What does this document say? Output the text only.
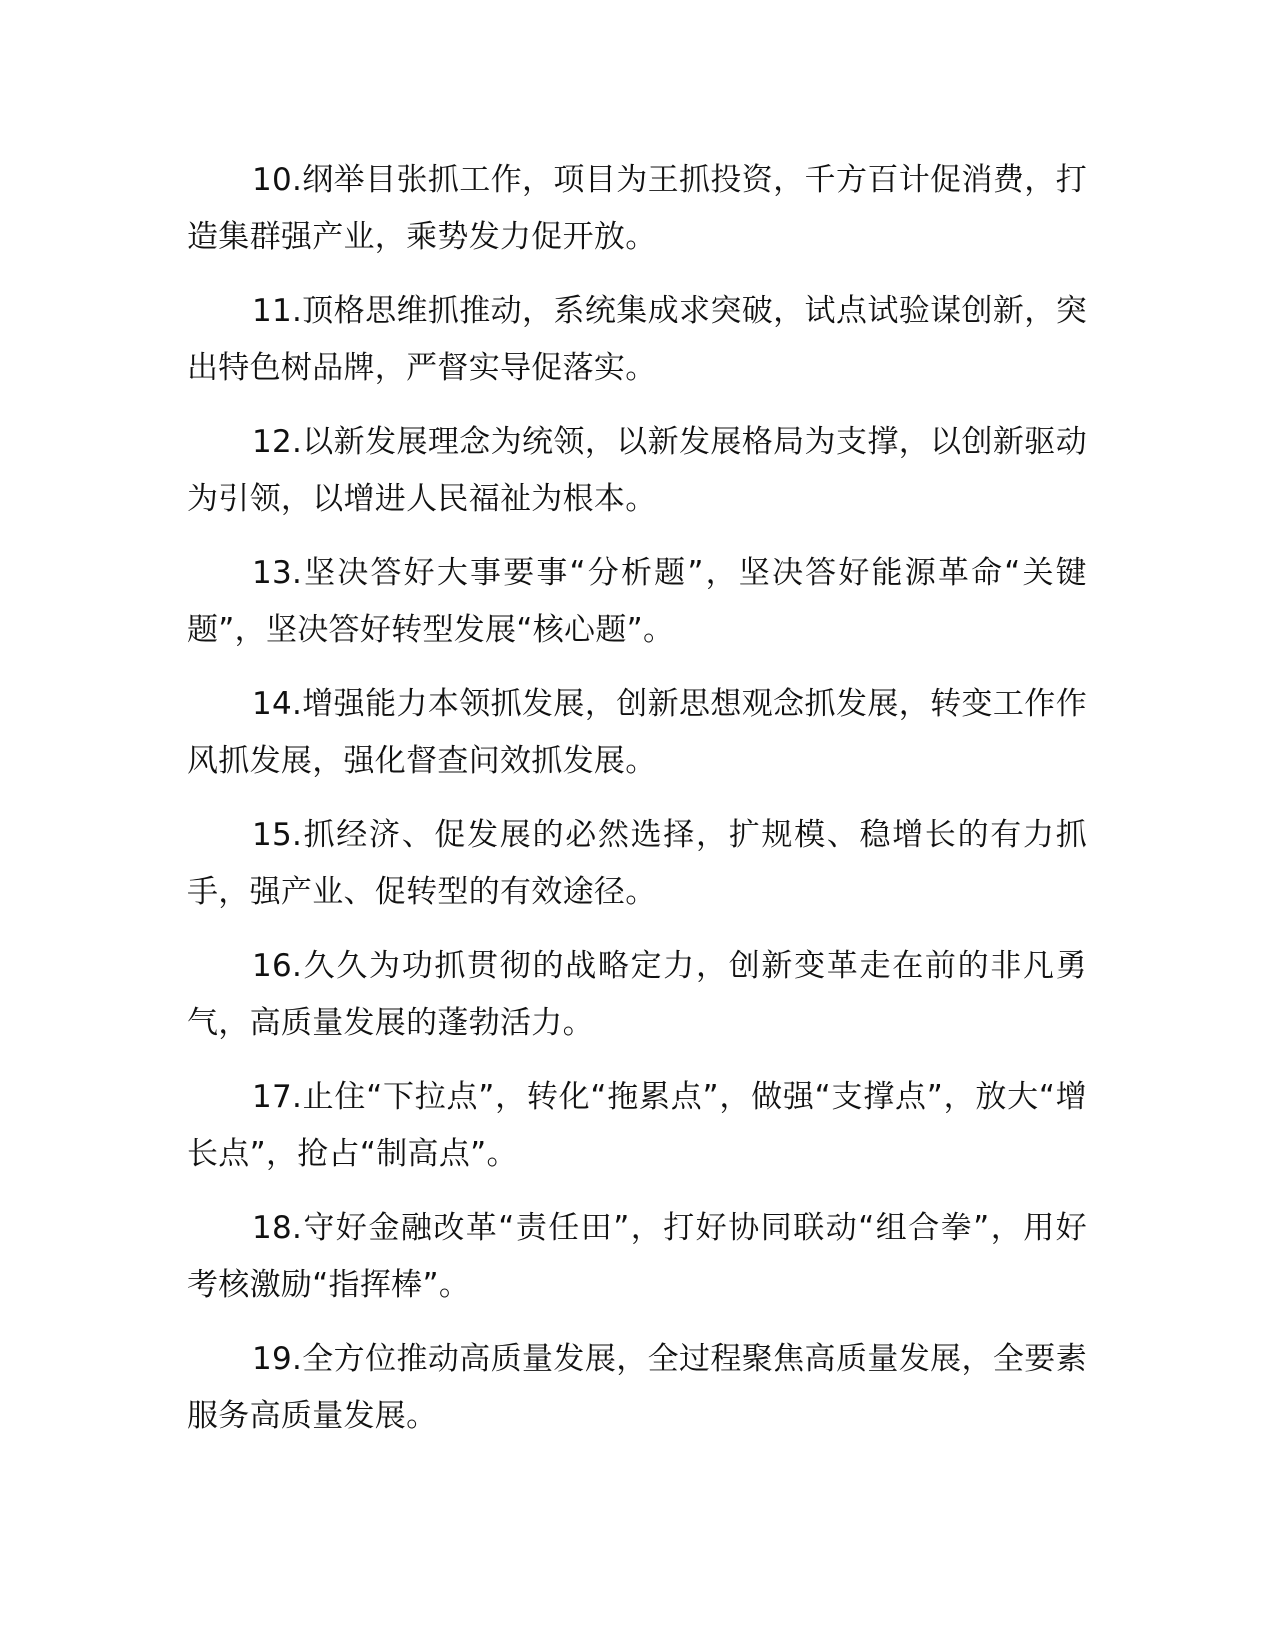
10.纲举目张抓工作，项目为王抓投资，千方百计促消费，打造集群强产业，乘势发力促开放。

11.顶格思维抓推动，系统集成求突破，试点试验谋创新，突出特色树品牌，严督实导促落实。

12.以新发展理念为统领，以新发展格局为支撑，以创新驱动为引领，以增进人民福祉为根本。

13.坚决答好大事要事“分析题”，坚决答好能源革命“关键题”，坚决答好转型发展“核心题”。

14.增强能力本领抓发展，创新思想观念抓发展，转变工作作风抓发展，强化督查问效抓发展。

15.抓经济、促发展的必然选择，扩规模、稳增长的有力抓手，强产业、促转型的有效途径。

16.久久为功抓贯彻的战略定力，创新变革走在前的非凡勇气，高质量发展的蓬勃活力。

17.止住“下拉点”，转化“拖累点”，做强“支撑点”，放大“增长点”，抢占“制高点”。

18.守好金融改革“责任田”，打好协同联动“组合拳”，用好考核激励“指挥棒”。

19.全方位推动高质量发展，全过程聚焦高质量发展，全要素服务高质量发展。
